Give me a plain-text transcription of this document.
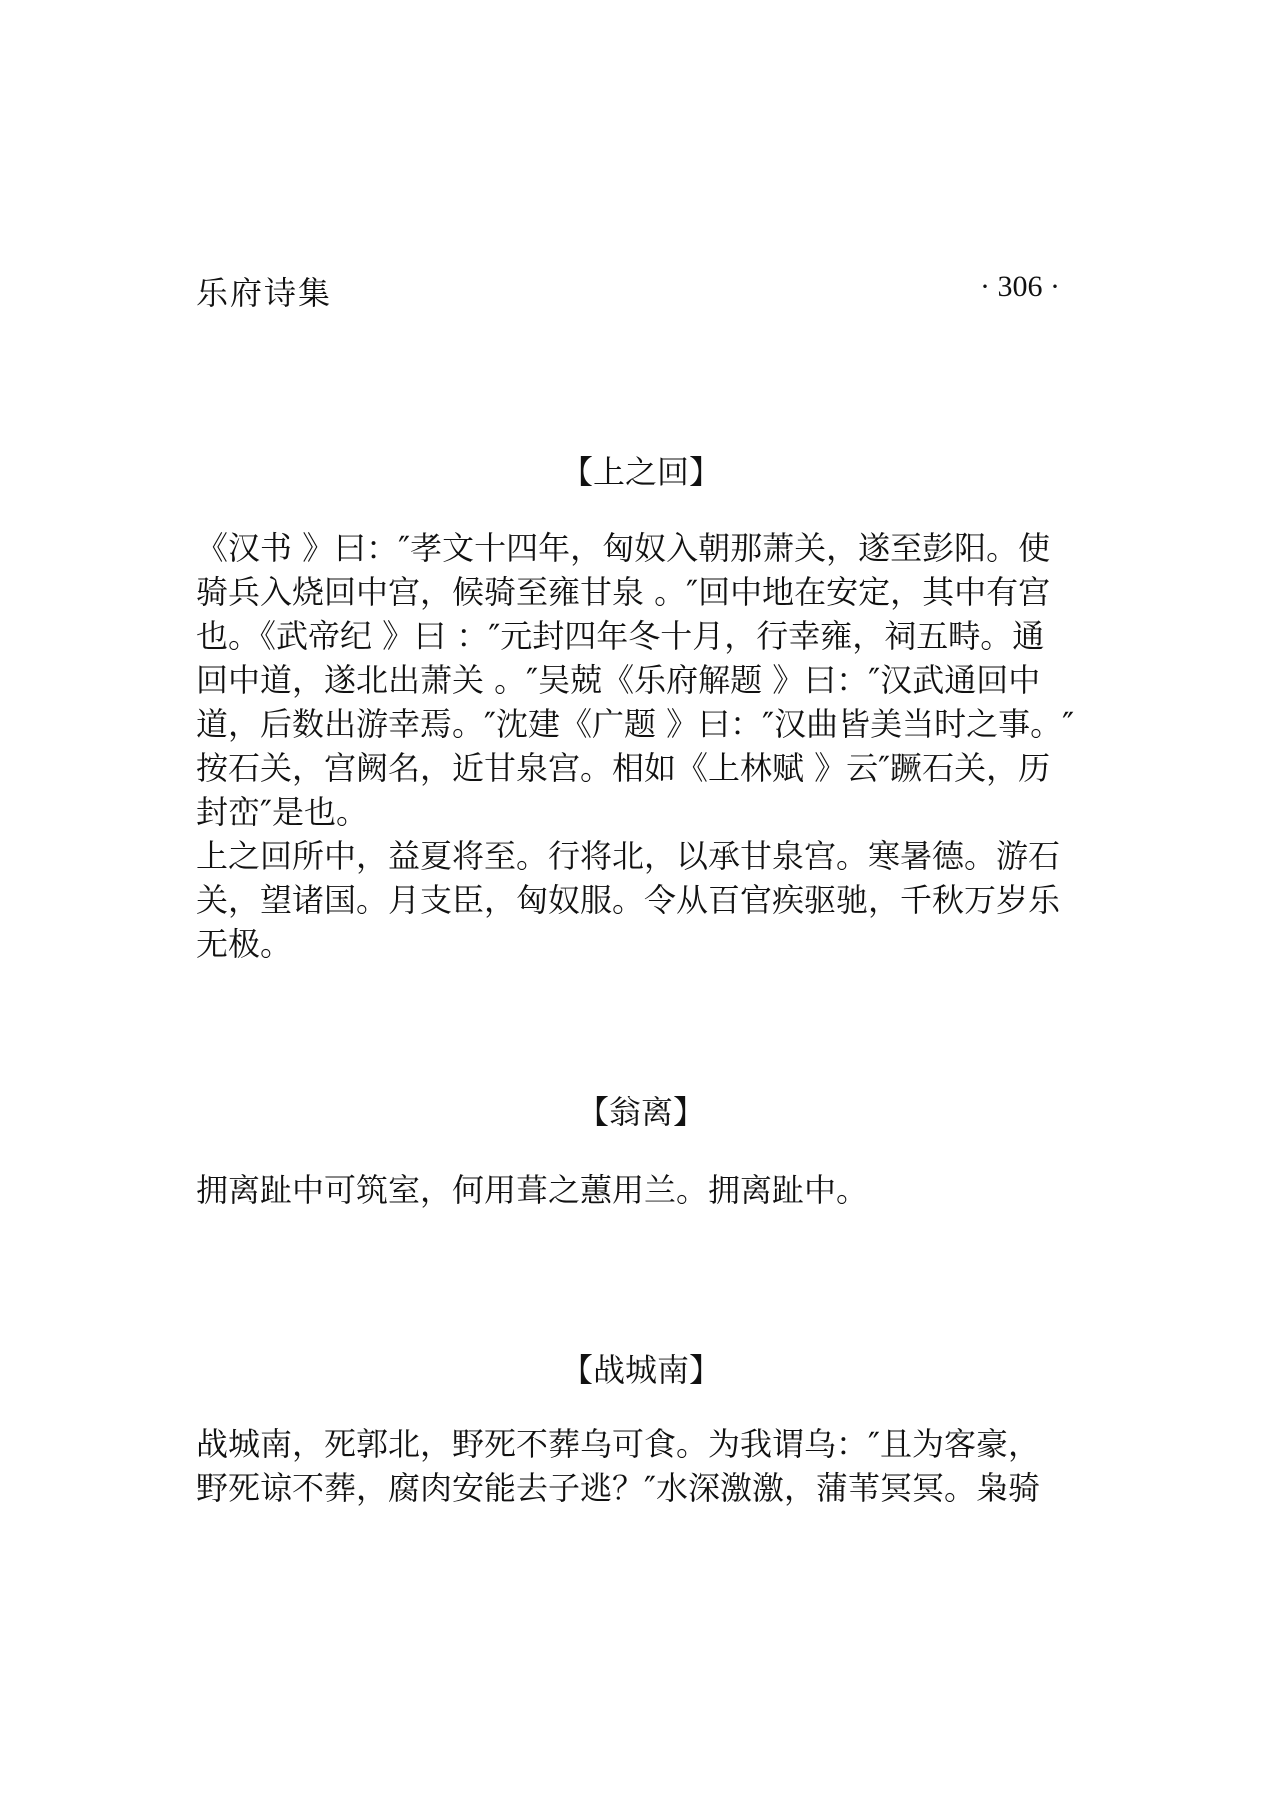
乐府诗集	· 306 ·
【上之回】
《汉书 》曰：″孝文十四年，匈奴入朝那萧关，遂至彭阳。使
骑兵入烧回中宫，候骑至雍甘泉 。″回中地在安定，其中有宫
也。《武帝纪 》曰 ：″元封四年冬十月，行幸雍，祠五畤。通
回中道，遂北出萧关 。″吴兢《乐府解题 》曰：″汉武通回中
道，后数出游幸焉。″沈建《广题 》曰：″汉曲皆美当时之事。″
按石关，宫阙名，近甘泉宫。相如《上林赋 》云″蹶石关，历
封峦″是也。
上之回所中，益夏将至。行将北，以承甘泉宫。寒暑德。游石
关，望诸国。月支臣，匈奴服。令从百官疾驱驰，千秋万岁乐
无极。
【翁离】
拥离趾中可筑室，何用葺之蕙用兰。拥离趾中。
【战城南】
战城南，死郭北，野死不葬乌可食。为我谓乌：″且为客豪，
野死谅不葬，腐肉安能去子逃？″水深激激，蒲苇冥冥。枭骑
